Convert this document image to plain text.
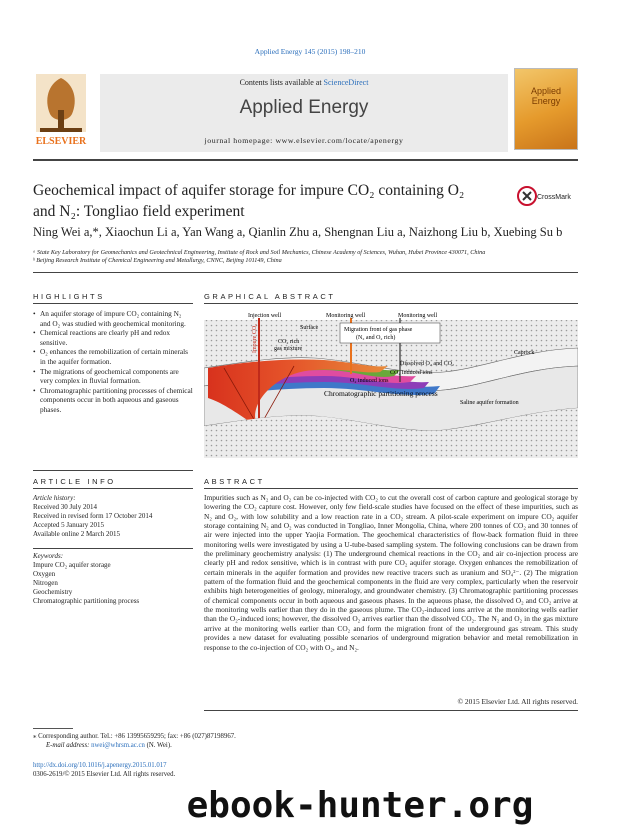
Applied Energy 145 (2015) 198–210
Contents lists available at ScienceDirect
Applied Energy
journal homepage: www.elsevier.com/locate/apenergy
ELSEVIER
Applied
Energy
Geochemical impact of aquifer storage for impure CO₂ containing O₂
and N₂: Tongliao field experiment
CrossMark
Ning Wei a,*, Xiaochun Li a, Yan Wang a, Qianlin Zhu a, Shengnan Liu a, Naizhong Liu b, Xuebing Su b
ᵃ State Key Laboratory for Geomechanics and Geotechnical Engineering, Institute of Rock and Soil Mechanics, Chinese Academy of Sciences, Wuhan, Hubei Province 430071, China
ᵇ Beijing Research Institute of Chemical Engineering and Metallurgy, CNNC, Beijing 101149, China
HIGHLIGHTS	GRAPHICAL ABSTRACT
• An aquifer storage of impure CO₂ containing N₂ and O₂ was studied with geochemical monitoring.
• Chemical reactions are clearly pH and redox sensitive.
• O₂ enhances the remobilization of certain minerals in the aquifer formation.
• The migrations of geochemical components are very complex in fluvial formation.
• Chromatographic partitioning processes of chemical components occur in both aqueous and gaseous phases.
Injection well
Impure CO₂	Surface
Monitoring well	Monitoring well
CO₂ rich
gas mixture
Migration front of gas phase
(N₂ and O₂ rich)
Dissolved O₂ and CO₂
CO₂ induced ions
O₂ induced ions
Caprock
Chromatographic partitioning process
Saline aquifer formation
ARTICLE INFO	ABSTRACT
Article history:
Received 30 July 2014
Received in revised form 17 October 2014
Accepted 5 January 2015
Available online 2 March 2015
Keywords:
Impure CO₂ aquifer storage
Oxygen
Nitrogen
Geochemistry
Chromatographic partitioning process
Impurities such as N₂ and O₂ can be co-injected with CO₂ to cut the overall cost of carbon capture and geological storage by lowering the CO₂ capture cost. However, only few field-scale studies have focused on the effect of these impurities, such as N₂ and O₂, with low solubility and a low reaction rate in a CO₂ stream. A pilot-scale experiment on impure CO₂ aquifer storage containing N₂ and O₂ was conducted in Tongliao, Inner Mongolia, China, where 200 tonnes of CO₂ and 30 tonnes of air were injected into the upper Yaojia Formation. The geochemical characteristics of flow-back formation fluid in three monitoring wells were investigated by using a U-tube-based sampling system. The following conclusions can be drawn from the preliminary geochemistry analysis: (1) The underground chemical reactions in the CO₂ and air co-injection process are clearly pH and redox sensitive, which is in contrast with pure CO₂ aquifer storage. Oxygen enhances the remobilization of certain minerals in the aquifer formation and provides new reactive tracers such as uranium and SO₄²⁻. (2) The migration pattern of the formation fluid and the geochemical components in the fluid are very complex, particularly when the reservoir exhibits high heterogeneities of geology, mineralogy, and groundwater chemistry. (3) Chromatographic partitioning processes of chemical components occur in both aqueous and gaseous phases. In the aqueous phase, the dissolved O₂ and CO₂ arrive at the monitoring wells earlier than they do in the gaseous plume. The CO₂-induced ions arrive at the monitoring wells earlier than the O₂-induced ions; however, the dissolved O₂ arrives earlier than the dissolved CO₂. The N₂ and O₂ in the gas mixture arrive at the monitoring wells earlier than CO₂ and form the migration front of the underground gas stream. This study provides a new dataset for evaluating possible scenarios of underground migration behavior and metal remobilization in response to the co-injection of CO₂ with O₂, and N₂.
© 2015 Elsevier Ltd. All rights reserved.
⁎ Corresponding author. Tel.: +86 13995659295; fax: +86 (027)87198967.
E-mail address: nwei@whrsm.ac.cn (N. Wei).
http://dx.doi.org/10.1016/j.apenergy.2015.01.017
0306-2619/© 2015 Elsevier Ltd. All rights reserved.
ebook-hunter.org
